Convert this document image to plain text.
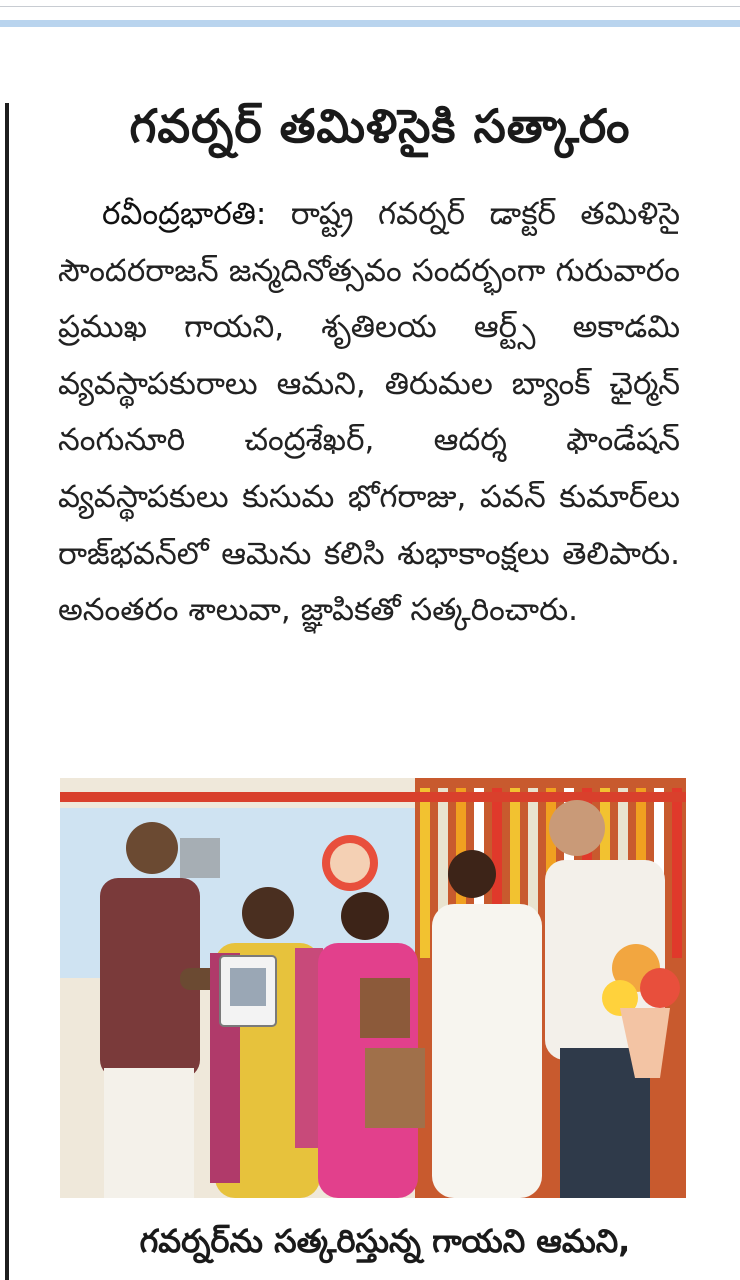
గవర్నర్ తమిళిసైకి సత్కారం

రవీంద్రభారతి: రాష్ట్ర గవర్నర్ డాక్టర్ తమిళిసై సౌందరరాజన్ జన్మదినోత్సవం సందర్భంగా గురువారం ప్రముఖ గాయని, శృతిలయ ఆర్ట్స్ అకాడమి వ్యవస్థాపకురాలు ఆమని, తిరుమల బ్యాంక్ ఛైర్మన్ నంగునూరి చంద్రశేఖర్, ఆదర్శ ఫౌండేషన్ వ్యవస్థాపకులు కుసుమ భోగరాజు, పవన్ కుమార్‌లు రాజ్‌భవన్‌లో ఆమెను కలిసి శుభాకాంక్షలు తెలిపారు. అనంతరం శాలువా, జ్ఞాపికతో సత్కరించారు.

గవర్నర్‌ను సత్కరిస్తున్న గాయని ఆమని,
